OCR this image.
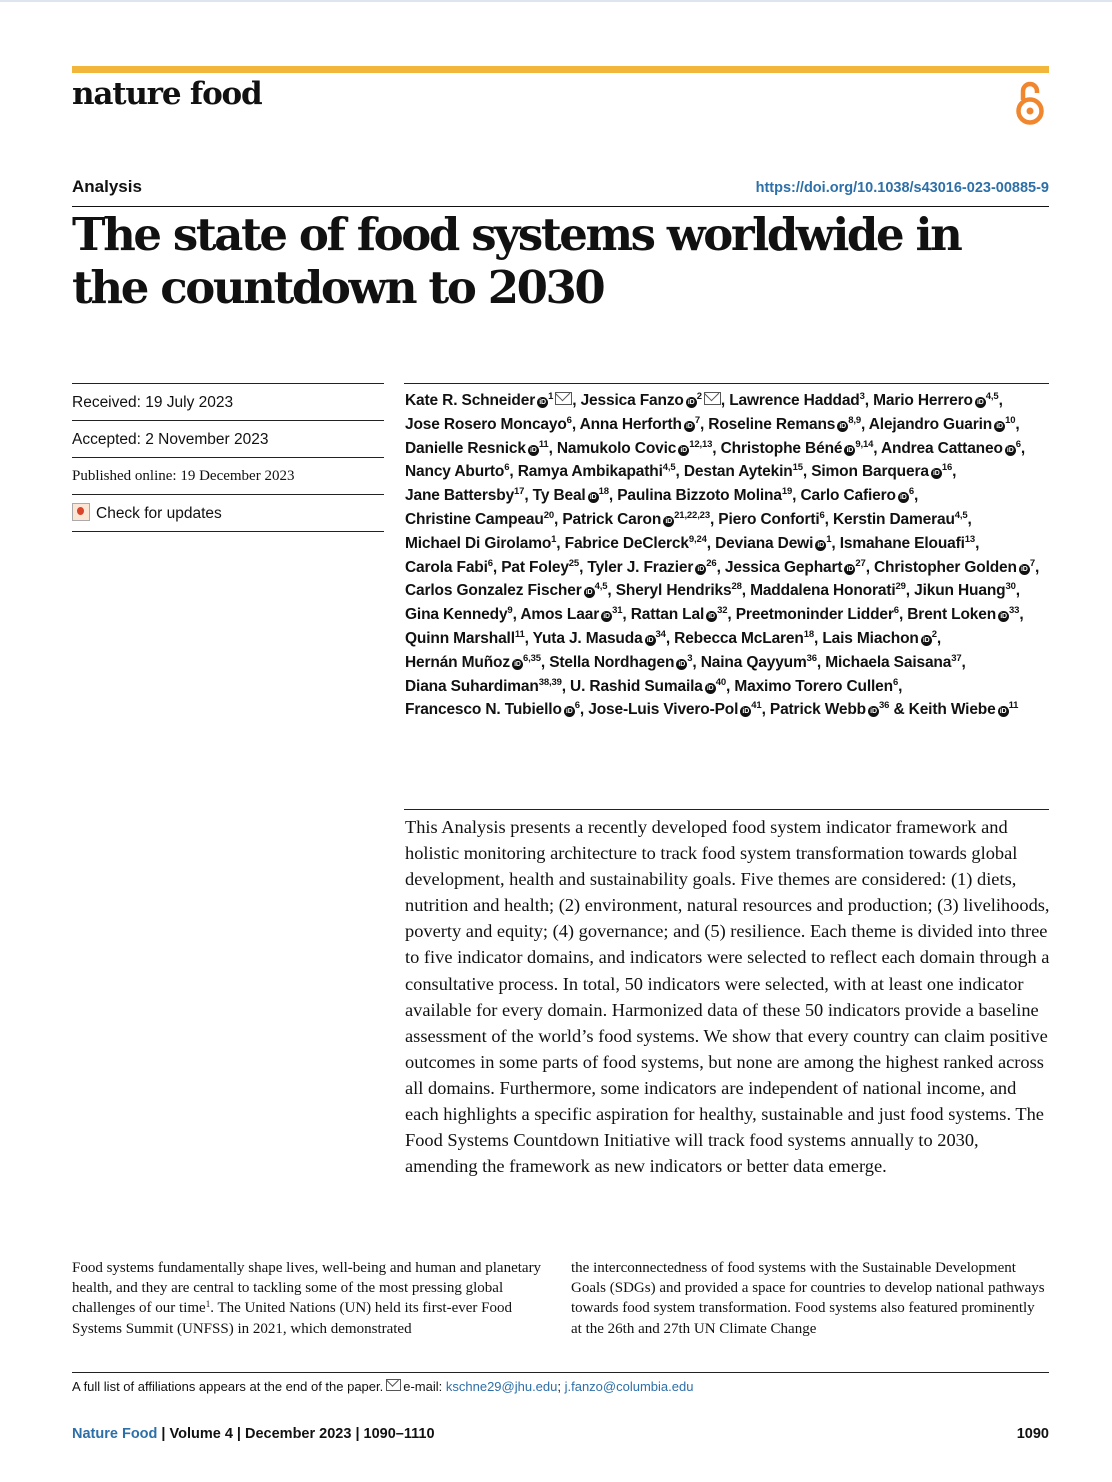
nature food
Analysis	https://doi.org/10.1038/s43016-023-00885-9
The state of food systems worldwide in the countdown to 2030
Received: 19 July 2023
Accepted: 2 November 2023
Published online: 19 December 2023
Check for updates
Kate R. Schneider $iD^1$ , Jessica Fanzo $iD^2$ , Lawrence Haddad$^3$, Mario Herrero iD$^{4,5}$, Jose Rosero Moncayo$^6$, Anna Herforth $iD^7$, Roseline Remans iD$^{8,9}$, Alejandro Guarin $iD^{10}$, Danielle Resnick $iD^{11}$, Namukolo Covic iD$^{12,13}$, Christophe Béné iD$^{9,14}$, Andrea Cattaneo $iD^6$, Nancy Aburto$^6$, Ramya Ambikapathi$^{4,5}$, Destan Aytekin$^{15}$, Simon Barquera $iD^{16}$, Jane Battersby$^{17}$, Ty Beal $iD^{18}$, Paulina Bizzoto Molina$^{19}$, Carlo Cafiero $iD^6$, Christine Campeau$^{20}$, Patrick Caron iD$^{21,22,23}$, Piero Conforti$^6$, Kerstin Damerau$^{4,5}$, Michael Di Girolamo$^1$, Fabrice DeClerck$^{9,24}$, Deviana Dewi $iD^1$, Ismahane Elouafi$^{13}$, Carola Fabi$^6$, Pat Foley$^{25}$, Tyler J. Frazier $iD^{26}$, Jessica Gephart $iD^{27}$, Christopher Golden $iD^7$, Carlos Gonzalez Fischer iD$^{4,5}$, Sheryl Hendriks$^{28}$, Maddalena Honorati$^{29}$, Jikun Huang$^{30}$, Gina Kennedy$^9$, Amos Laar $iD^{31}$, Rattan Lal $iD^{32}$, Preetmoninder Lidder$^6$, Brent Loken $iD^{33}$, Quinn Marshall$^{11}$, Yuta J. Masuda $iD^{34}$, Rebecca McLaren$^{18}$, Lais Miachon $iD^2$, Hernán Muñoz iD$^{6,35}$, Stella Nordhagen $iD^3$, Naina Qayyum$^{36}$, Michaela Saisana$^{37}$, Diana Suhardiman$^{38,39}$, U. Rashid Sumaila $iD^{40}$, Maximo Torero Cullen$^6$, Francesco N. Tubiello $iD^6$, Jose-Luis Vivero-Pol $iD^{41}$, Patrick Webb $iD^{36}$ & Keith Wiebe $iD^{11}$

This Analysis presents a recently developed food system indicator framework and holistic monitoring architecture to track food system transformation towards global development, health and sustainability goals. Five themes are considered: (1) diets, nutrition and health; (2) environment, natural resources and production; (3) livelihoods, poverty and equity; (4) governance; and (5) resilience. Each theme is divided into three to five indicator domains, and indicators were selected to reflect each domain through a consultative process. In total, 50 indicators were selected, with at least one indicator available for every domain. Harmonized data of these 50 indicators provide a baseline assessment of the world’s food systems. We show that every country can claim positive outcomes in some parts of food systems, but none are among the highest ranked across all domains. Furthermore, some indicators are independent of national income, and each highlights a specific aspiration for healthy, sustainable and just food systems. The Food Systems Countdown Initiative will track food systems annually to 2030, amending the framework as new indicators or better data emerge.

Food systems fundamentally shape lives, well-being and human and planetary health, and they are central to tackling some of the most pressing global challenges of our time$^1$. The United Nations (UN) held its first-ever Food Systems Summit (UNFSS) in 2021, which demonstrated

the interconnectedness of food systems with the Sustainable Development Goals (SDGs) and provided a space for countries to develop national pathways towards food system transformation. Food systems also featured prominently at the 26th and 27th UN Climate Change

A full list of affiliations appears at the end of the paper. e-mail: kschne29@jhu.edu; j.fanzo@columbia.edu
Nature Food | Volume 4 | December 2023 | 1090–1110	1090
